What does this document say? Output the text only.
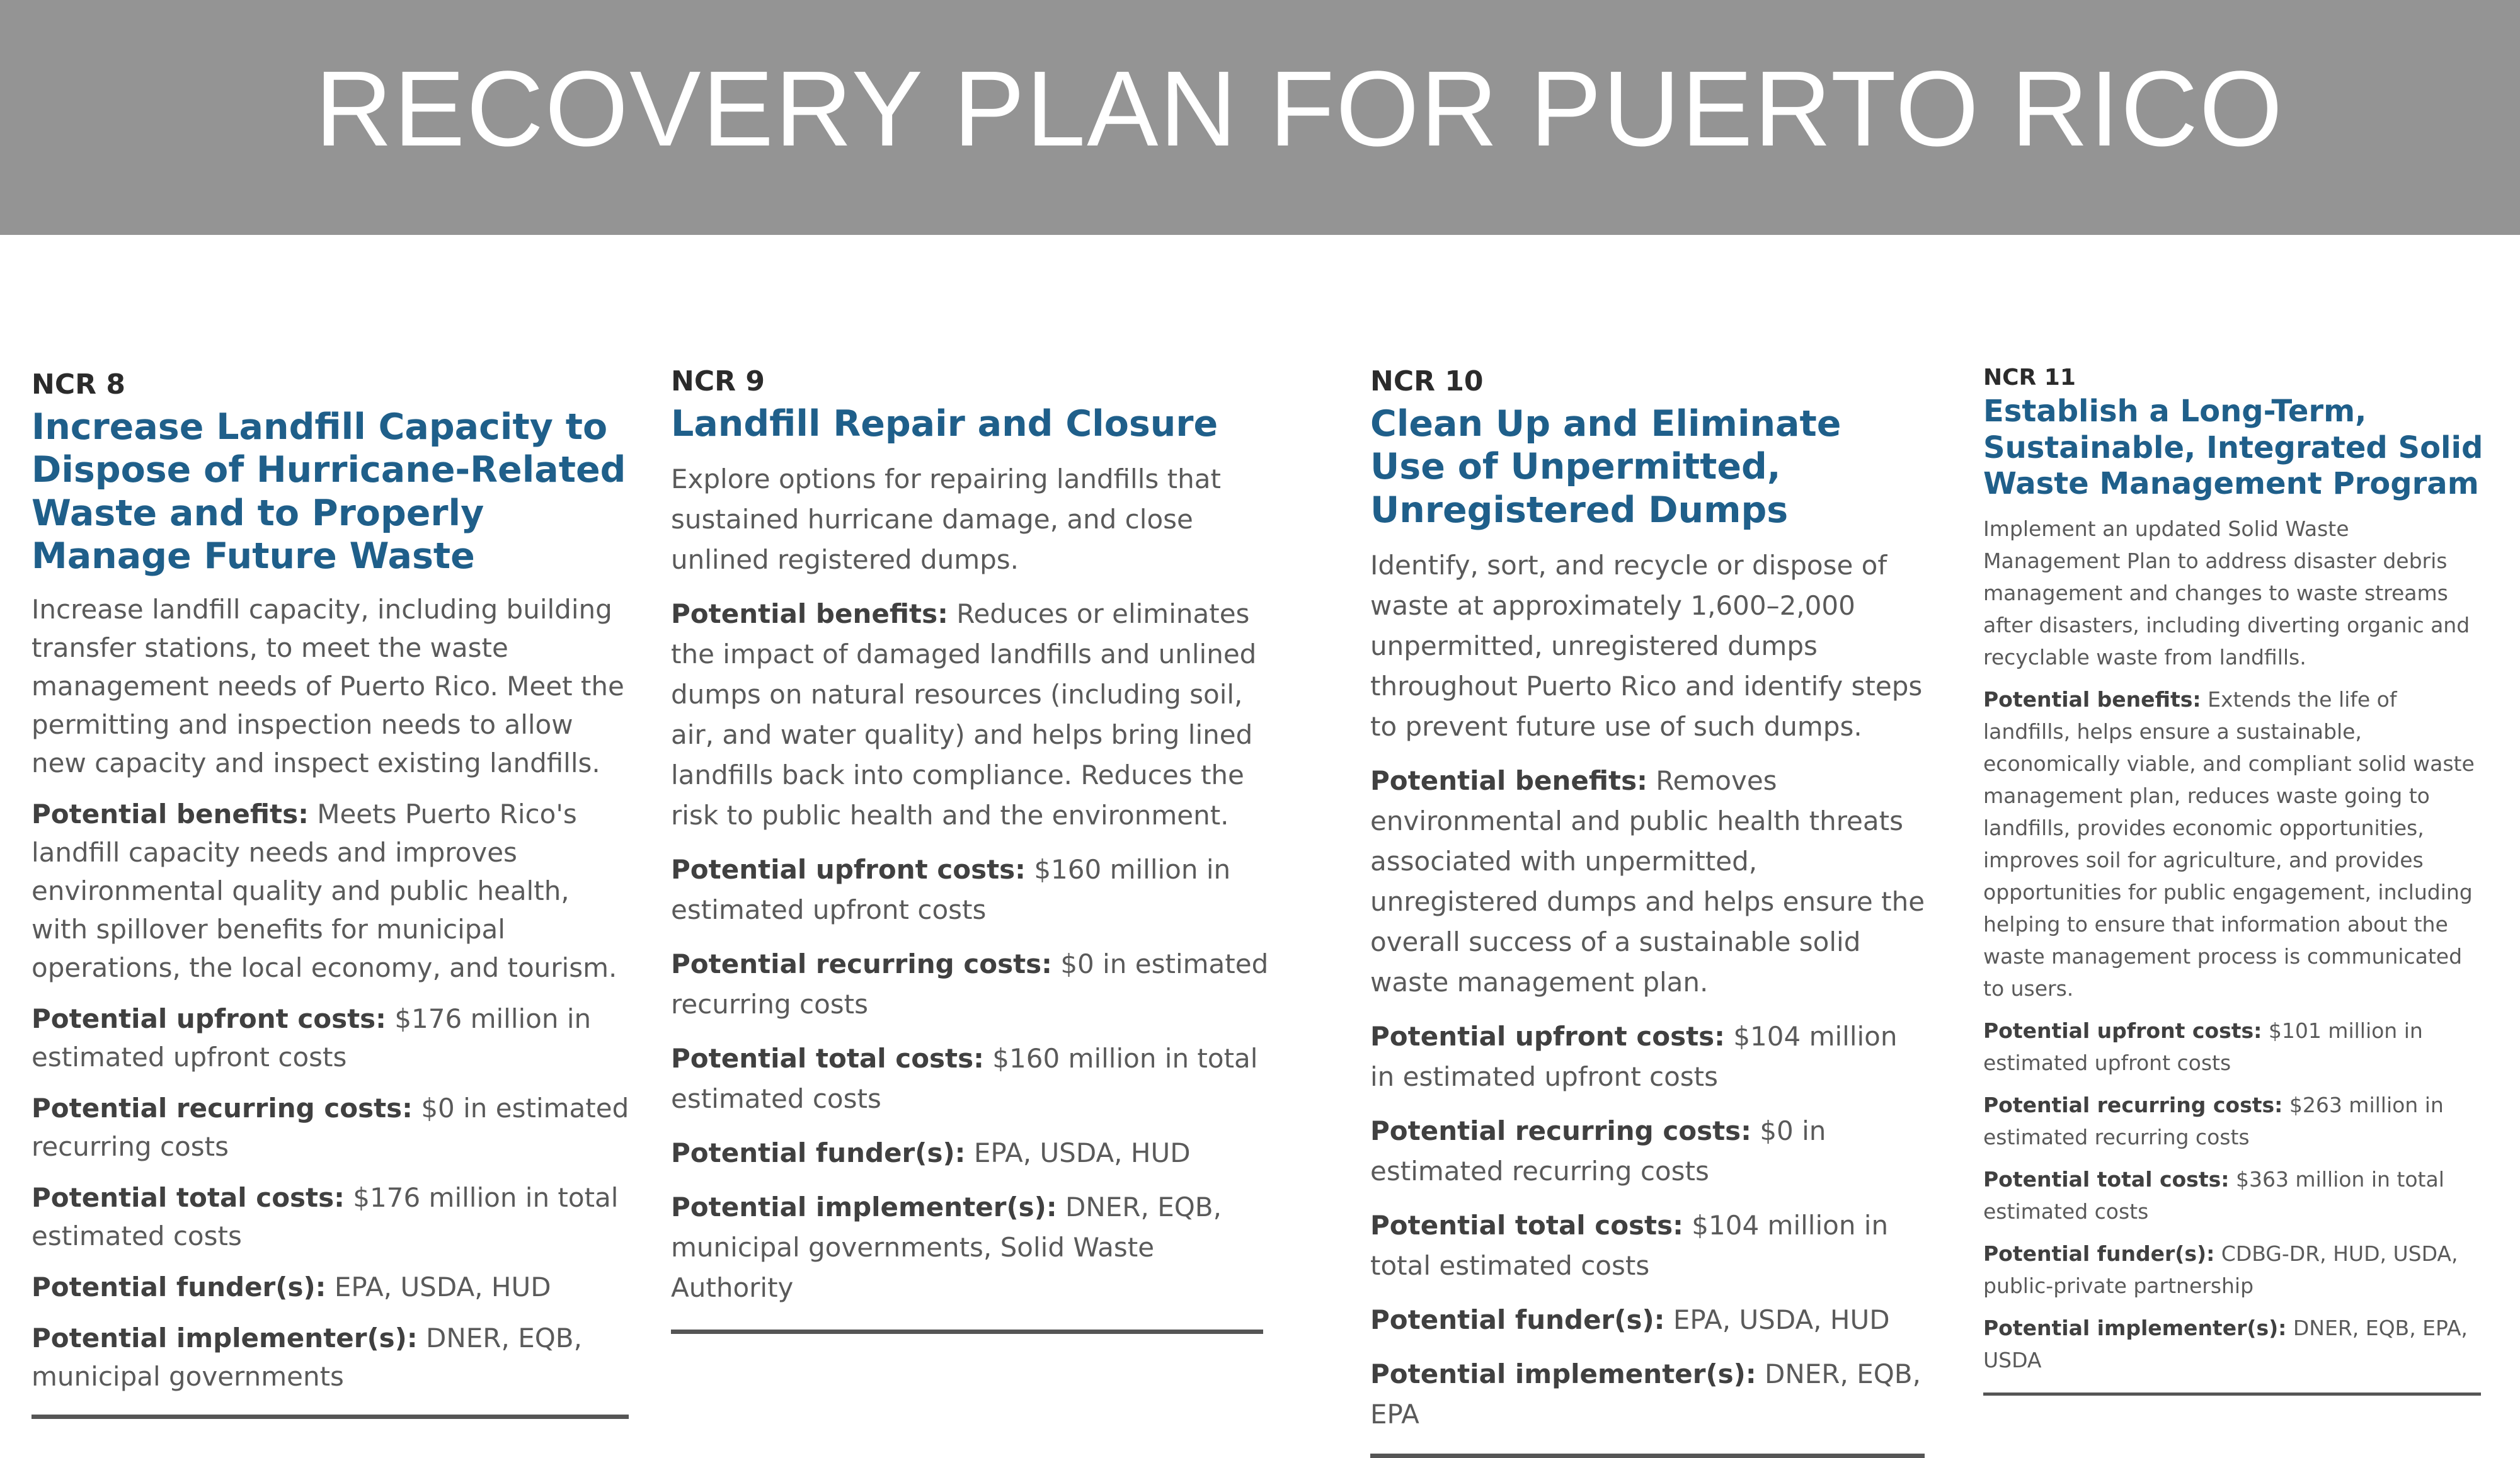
RECOVERY PLAN FOR PUERTO RICO
NCR 8
Increase Landfill Capacity to Dispose of Hurricane-Related Waste and to Properly Manage Future Waste

Increase landfill capacity, including building transfer stations, to meet the waste management needs of Puerto Rico. Meet the permitting and inspection needs to allow new capacity and inspect existing landfills.

Potential benefits: Meets Puerto Rico's landfill capacity needs and improves environmental quality and public health, with spillover benefits for municipal operations, the local economy, and tourism.

Potential upfront costs: $176 million in estimated upfront costs

Potential recurring costs: $0 in estimated recurring costs

Potential total costs: $176 million in total estimated costs

Potential funder(s): EPA, USDA, HUD

Potential implementer(s): DNER, EQB, municipal governments

NCR 9
Landfill Repair and Closure

Explore options for repairing landfills that sustained hurricane damage, and close unlined registered dumps.

Potential benefits: Reduces or eliminates the impact of damaged landfills and unlined dumps on natural resources (including soil, air, and water quality) and helps bring lined landfills back into compliance. Reduces the risk to public health and the environment.

Potential upfront costs: $160 million in estimated upfront costs

Potential recurring costs: $0 in estimated recurring costs

Potential total costs: $160 million in total estimated costs

Potential funder(s): EPA, USDA, HUD

Potential implementer(s): DNER, EQB, municipal governments, Solid Waste Authority

NCR 10
Clean Up and Eliminate Use of Unpermitted, Unregistered Dumps

Identify, sort, and recycle or dispose of waste at approximately 1,600–2,000 unpermitted, unregistered dumps throughout Puerto Rico and identify steps to prevent future use of such dumps.

Potential benefits: Removes environmental and public health threats associated with unpermitted, unregistered dumps and helps ensure the overall success of a sustainable solid waste management plan.

Potential upfront costs: $104 million in estimated upfront costs

Potential recurring costs: $0 in estimated recurring costs

Potential total costs: $104 million in total estimated costs

Potential funder(s): EPA, USDA, HUD

Potential implementer(s): DNER, EQB, EPA

NCR 11
Establish a Long-Term, Sustainable, Integrated Solid Waste Management Program

Implement an updated Solid Waste Management Plan to address disaster debris management and changes to waste streams after disasters, including diverting organic and recyclable waste from landfills.

Potential benefits: Extends the life of landfills, helps ensure a sustainable, economically viable, and compliant solid waste management plan, reduces waste going to landfills, provides economic opportunities, improves soil for agriculture, and provides opportunities for public engagement, including helping to ensure that information about the waste management process is communicated to users.

Potential upfront costs: $101 million in estimated upfront costs

Potential recurring costs: $263 million in estimated recurring costs

Potential total costs: $363 million in total estimated costs

Potential funder(s): CDBG-DR, HUD, USDA, public-private partnership

Potential implementer(s): DNER, EQB, EPA, USDA
